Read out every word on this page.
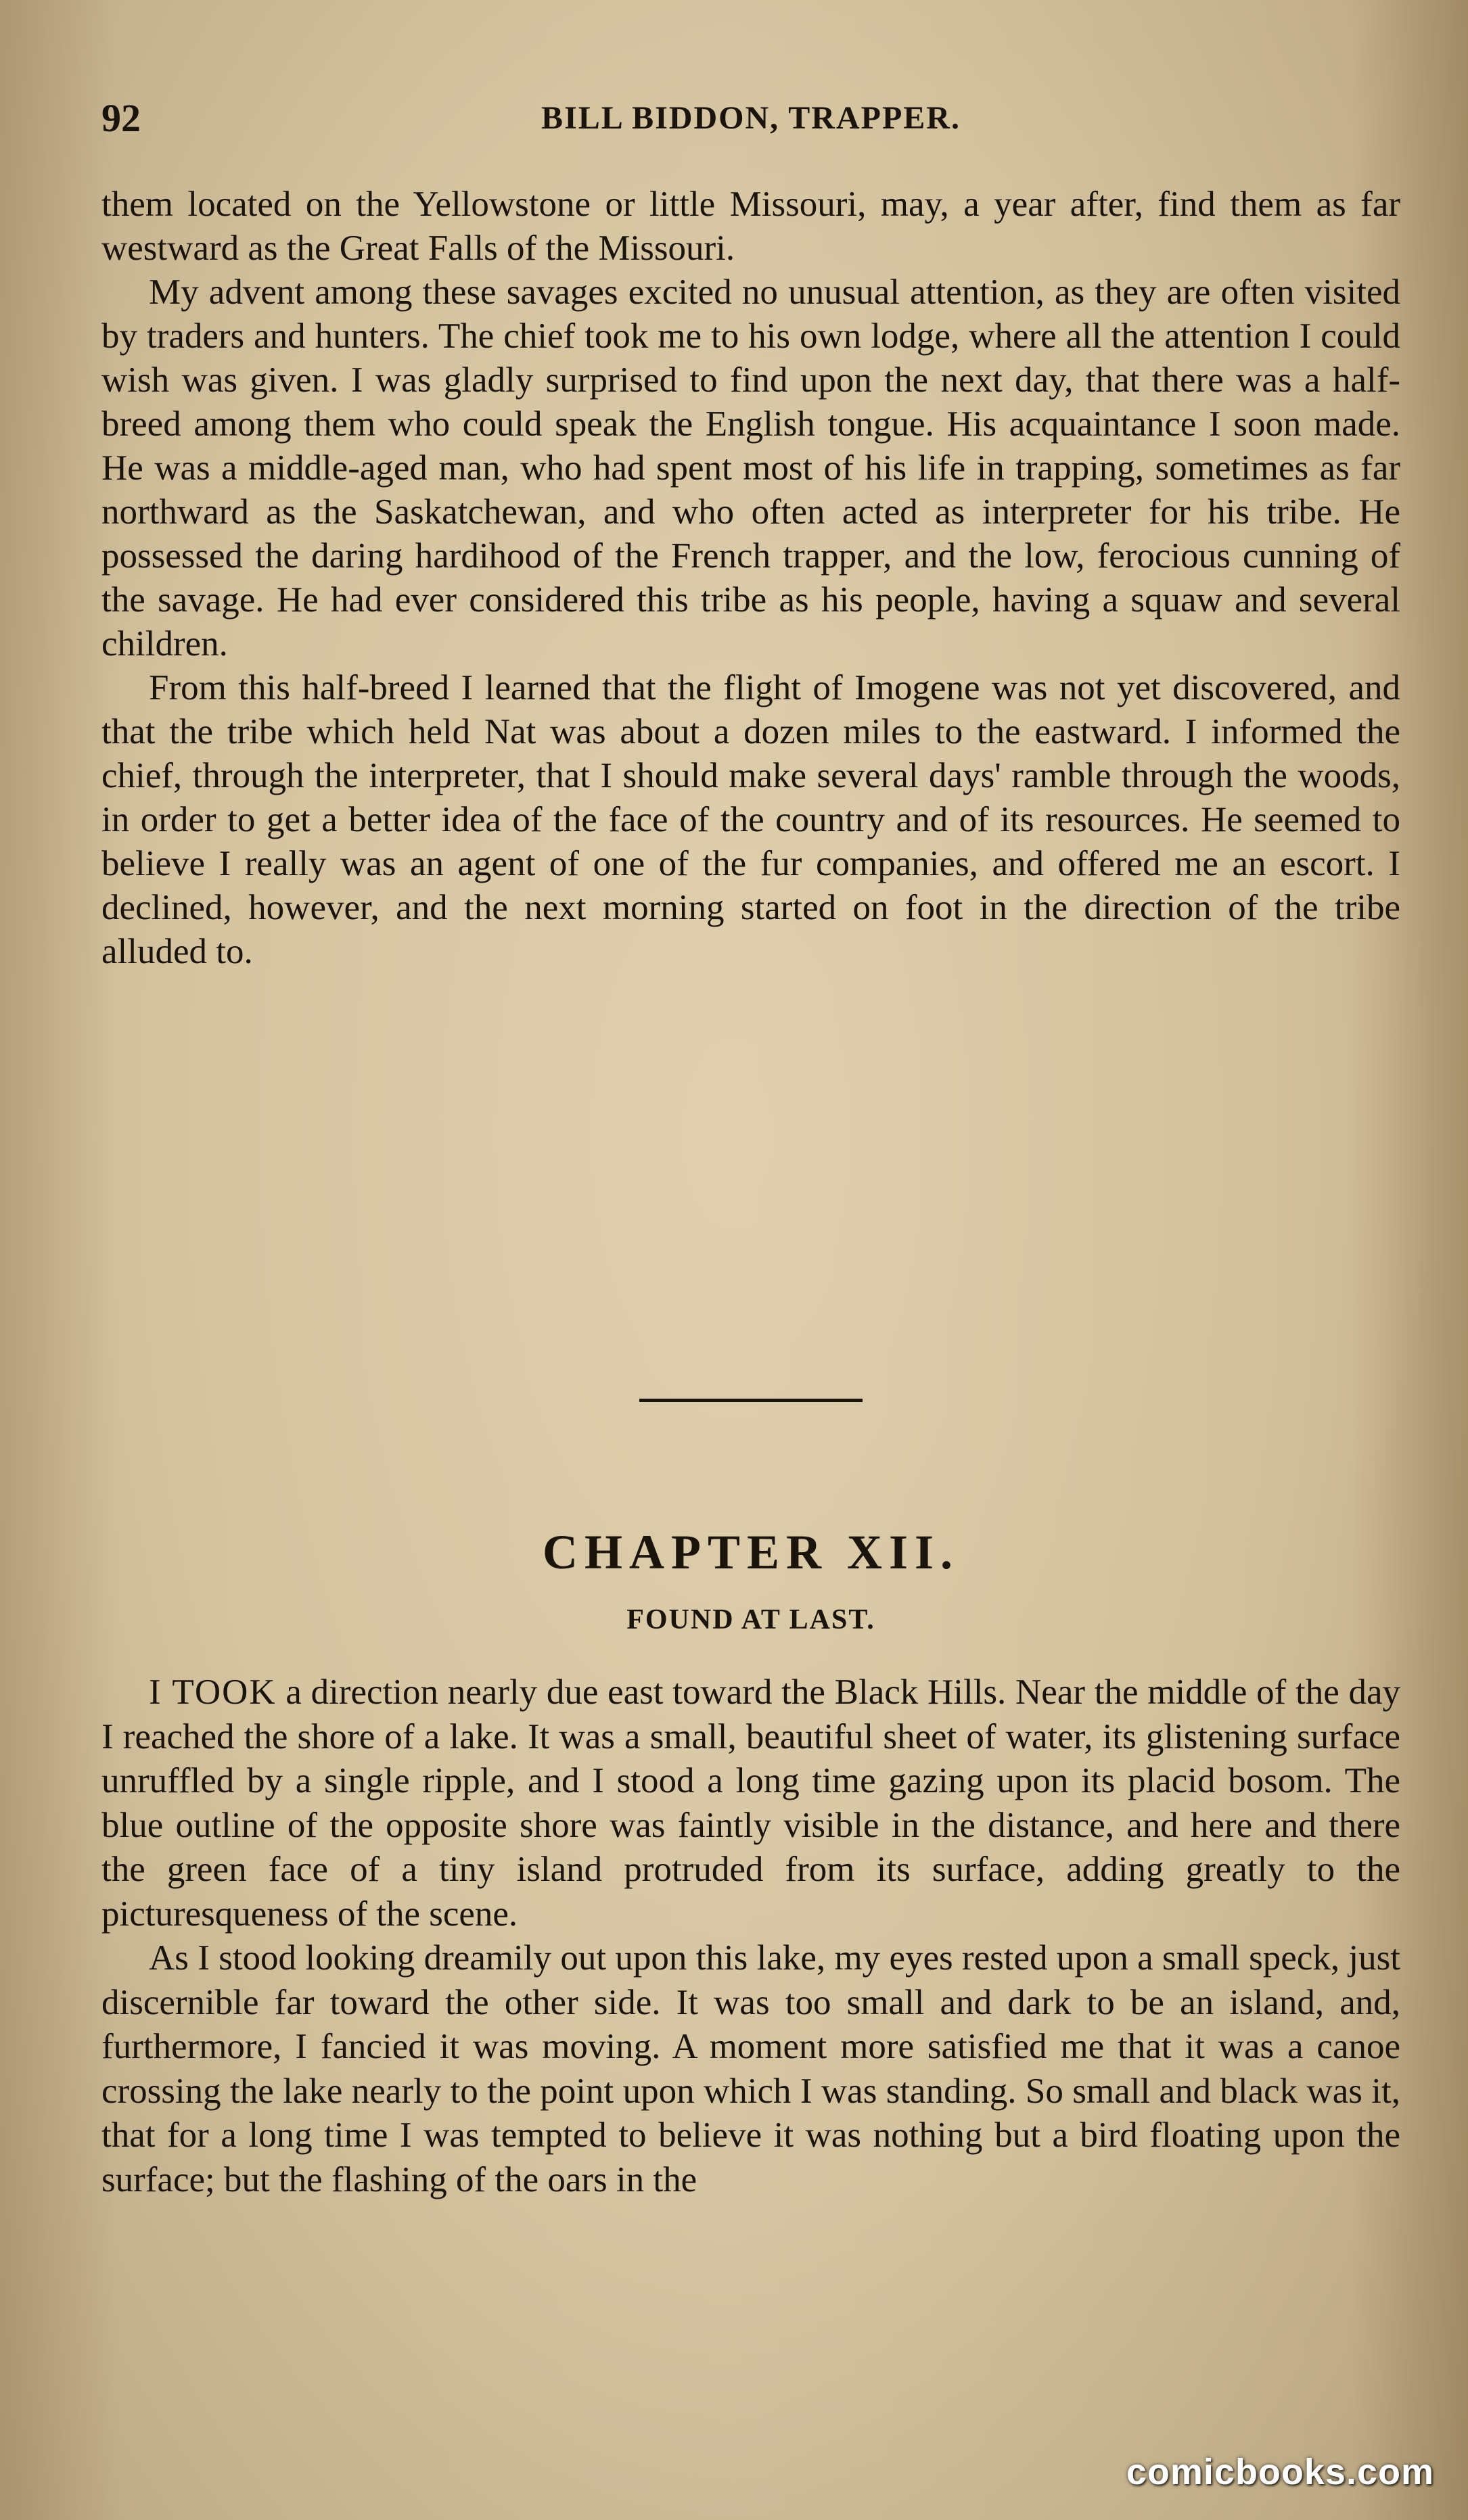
92	BILL BIDDON, TRAPPER.

them located on the Yellowstone or little Missouri, may, a year after, find them as far westward as the Great Falls of the Missouri.

My advent among these savages excited no unusual attention, as they are often visited by traders and hunters. The chief took me to his own lodge, where all the attention I could wish was given. I was gladly surprised to find upon the next day, that there was a half-breed among them who could speak the English tongue. His acquaintance I soon made. He was a middle-aged man, who had spent most of his life in trapping, sometimes as far northward as the Saskatchewan, and who often acted as interpreter for his tribe. He possessed the daring hardihood of the French trapper, and the low, ferocious cunning of the savage. He had ever considered this tribe as his people, having a squaw and several children.

From this half-breed I learned that the flight of Imogene was not yet discovered, and that the tribe which held Nat was about a dozen miles to the eastward. I informed the chief, through the interpreter, that I should make several days' ramble through the woods, in order to get a better idea of the face of the country and of its resources. He seemed to believe I really was an agent of one of the fur companies, and offered me an escort. I declined, however, and the next morning started on foot in the direction of the tribe alluded to.

CHAPTER XII.
FOUND AT LAST.

I TOOK a direction nearly due east toward the Black Hills. Near the middle of the day I reached the shore of a lake. It was a small, beautiful sheet of water, its glistening surface unruffled by a single ripple, and I stood a long time gazing upon its placid bosom. The blue outline of the opposite shore was faintly visible in the distance, and here and there the green face of a tiny island protruded from its surface, adding greatly to the picturesqueness of the scene.

As I stood looking dreamily out upon this lake, my eyes rested upon a small speck, just discernible far toward the other side. It was too small and dark to be an island, and, furthermore, I fancied it was moving. A moment more satisfied me that it was a canoe crossing the lake nearly to the point upon which I was standing. So small and black was it, that for a long time I was tempted to believe it was nothing but a bird floating upon the surface; but the flashing of the oars in the

comicbooks.com
